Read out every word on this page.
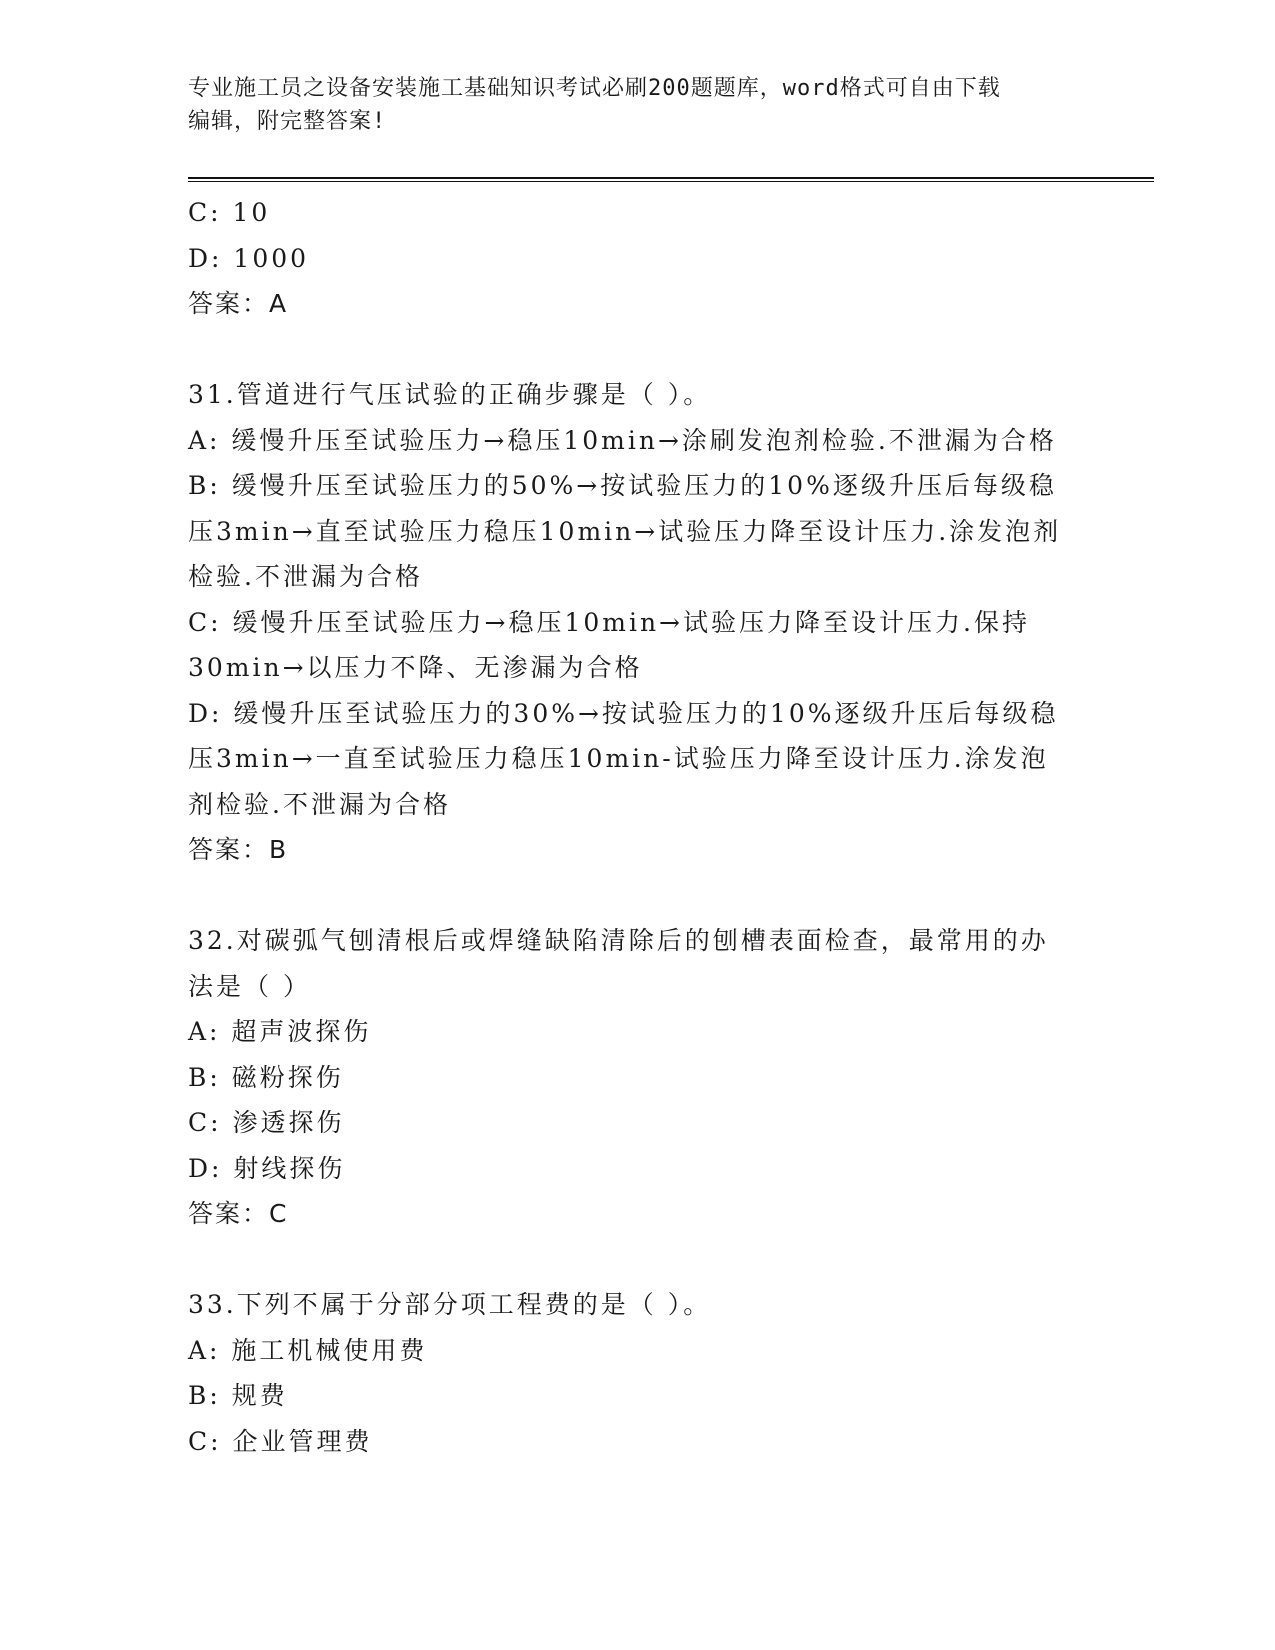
专业施工员之设备安装施工基础知识考试必刷200题题库，word格式可自由下载
编辑，附完整答案!
C: 10
D: 1000
答案：A
31.管道进行气压试验的正确步骤是（ ）。
A: 缓慢升压至试验压力→稳压10min→涂刷发泡剂检验.不泄漏为合格
B: 缓慢升压至试验压力的50%→按试验压力的10%逐级升压后每级稳
压3min→直至试验压力稳压10min→试验压力降至设计压力.涂发泡剂
检验.不泄漏为合格
C: 缓慢升压至试验压力→稳压10min→试验压力降至设计压力.保持
30min→以压力不降、无渗漏为合格
D: 缓慢升压至试验压力的30%→按试验压力的10%逐级升压后每级稳
压3min→一直至试验压力稳压10min-试验压力降至设计压力.涂发泡
剂检验.不泄漏为合格
答案：B
32.对碳弧气刨清根后或焊缝缺陷清除后的刨槽表面检查，最常用的办
法是（ ）
A: 超声波探伤
B: 磁粉探伤
C: 渗透探伤
D: 射线探伤
答案：C
33.下列不属于分部分项工程费的是（ ）。
A: 施工机械使用费
B: 规费
C: 企业管理费
